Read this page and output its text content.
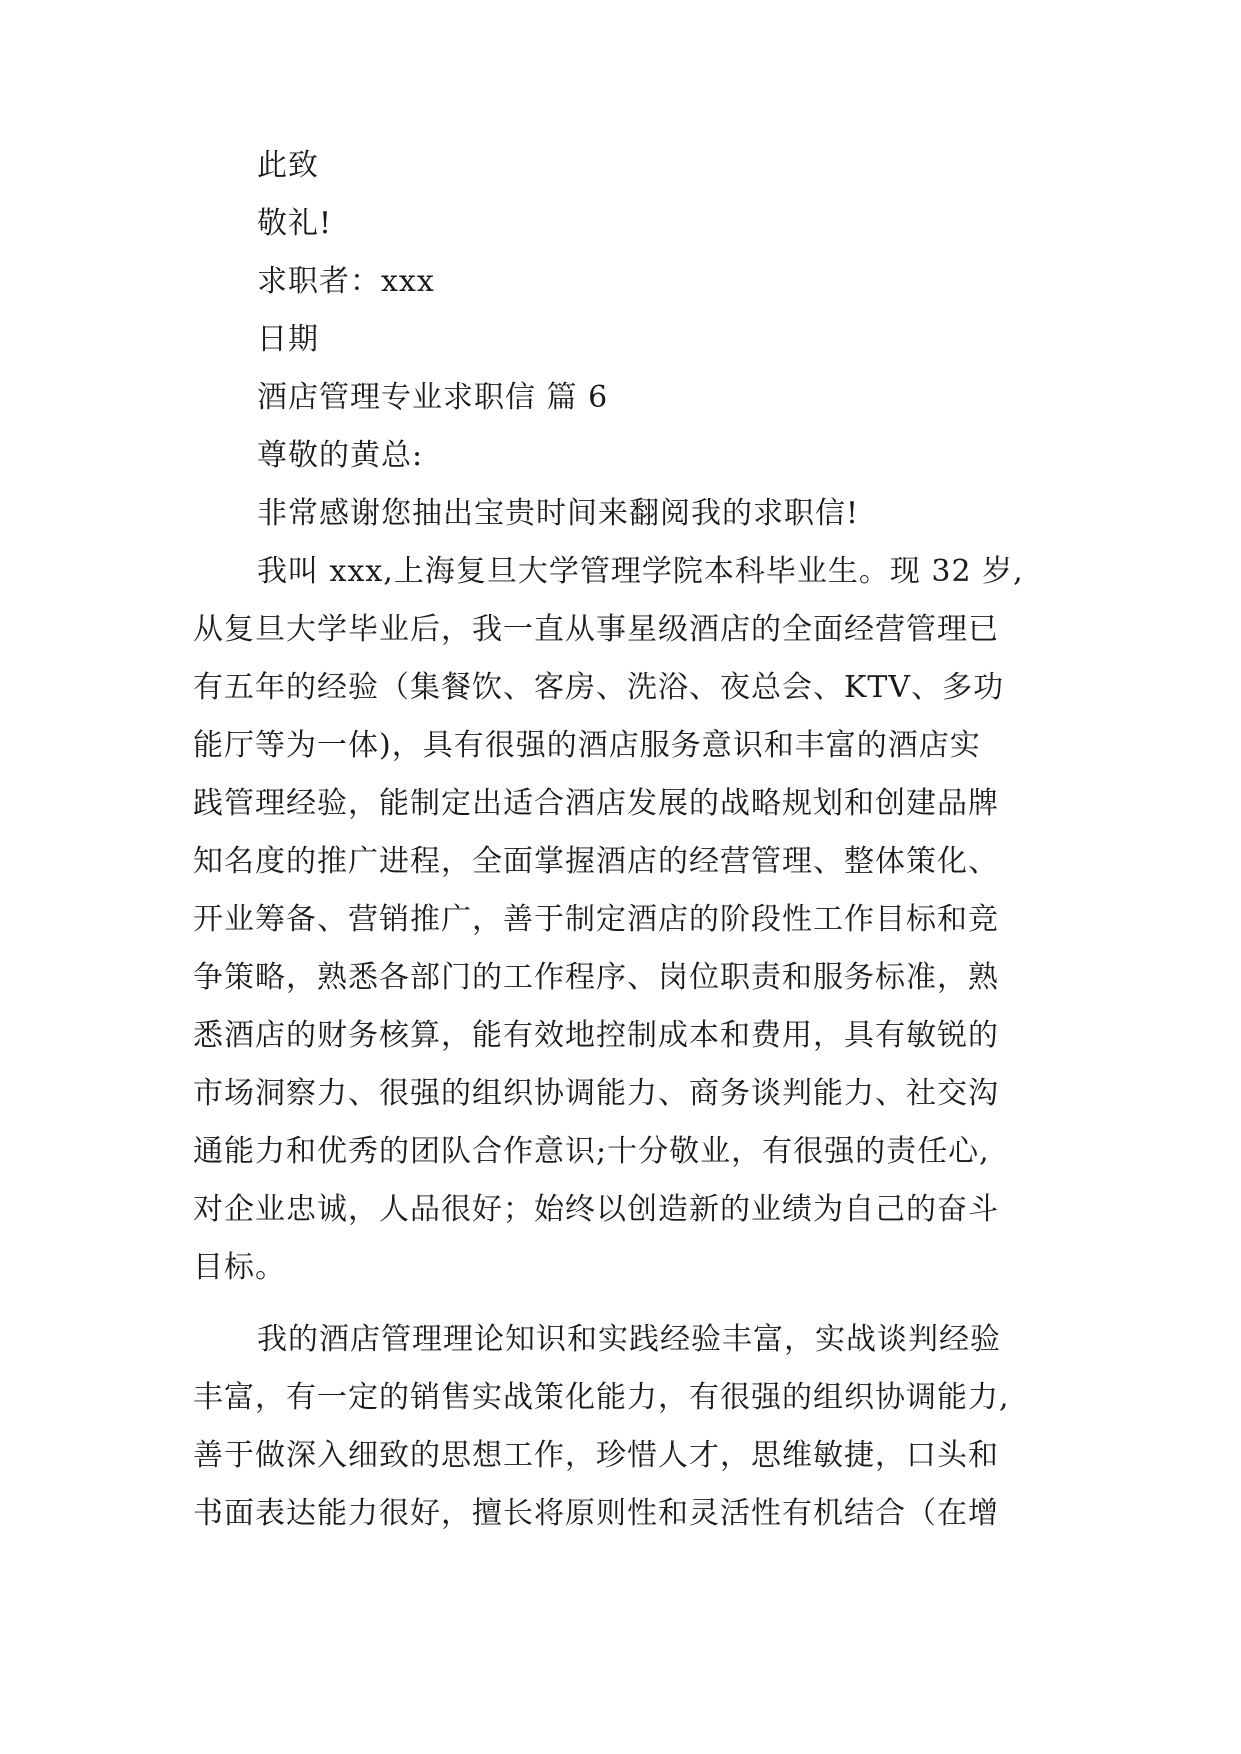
此致

敬礼!

求职者：xxx

日期

酒店管理专业求职信 篇 6

尊敬的黄总:

非常感谢您抽出宝贵时间来翻阅我的求职信!

我叫 xxx,上海复旦大学管理学院本科毕业生。现 32 岁,

从复旦大学毕业后，我一直从事星级酒店的全面经营管理已

有五年的经验（集餐饮、客房、洗浴、夜总会、KTV、多功

能厅等为一体)，具有很强的酒店服务意识和丰富的酒店实

践管理经验，能制定出适合酒店发展的战略规划和创建品牌

知名度的推广进程，全面掌握酒店的经营管理、整体策化、

开业筹备、营销推广，善于制定酒店的阶段性工作目标和竞

争策略，熟悉各部门的工作程序、岗位职责和服务标准，熟

悉酒店的财务核算，能有效地控制成本和费用，具有敏锐的

市场洞察力、很强的组织协调能力、商务谈判能力、社交沟

通能力和优秀的团队合作意识;十分敬业，有很强的责任心,

对企业忠诚，人品很好；始终以创造新的业绩为自己的奋斗

目标。

我的酒店管理理论知识和实践经验丰富，实战谈判经验

丰富，有一定的销售实战策化能力，有很强的组织协调能力,

善于做深入细致的思想工作，珍惜人才，思维敏捷，口头和

书面表达能力很好，擅长将原则性和灵活性有机结合（在增
